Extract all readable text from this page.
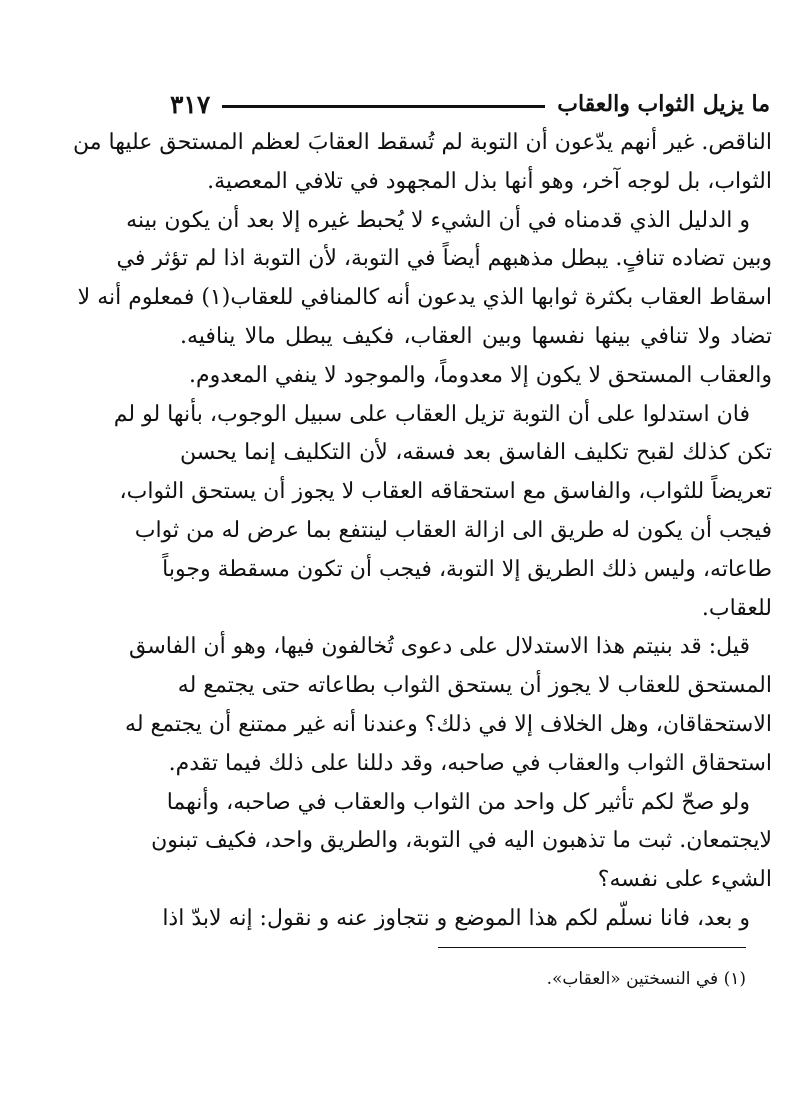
٣١٧	ما يزيل الثواب والعقاب
الناقص. غير أنهم يدّعون أن التوبة لم تُسقط العقابَ لعظم المستحق عليها من
الثواب، بل لوجه آخر، وهو أنها بذل المجهود في تلافي المعصية.
و الدليل الذي قدمناه في أن الشيء لا يُحبط غيره إلا بعد أن يكون بينه
وبين تضاده تنافٍ. يبطل مذهبهم أيضاً في التوبة، لأن التوبة اذا لم تؤثر في
اسقاط العقاب بكثرة ثوابها الذي يدعون أنه كالمنافي للعقاب(١) فمعلوم أنه لا
تضاد ولا تنافي بينها نفسها وبين العقاب، فكيف يبطل مالا ينافيه.
والعقاب المستحق لا يكون إلا معدوماً، والموجود لا ينفي المعدوم.
فان استدلوا على أن التوبة تزيل العقاب على سبيل الوجوب، بأنها لو لم
تكن كذلك لقبح تكليف الفاسق بعد فسقه، لأن التكليف إنما يحسن
تعريضاً للثواب، والفاسق مع استحقاقه العقاب لا يجوز أن يستحق الثواب،
فيجب أن يكون له طريق الى ازالة العقاب لينتفع بما عرض له من ثواب
طاعاته، وليس ذلك الطريق إلا التوبة، فيجب أن تكون مسقطة وجوباً
للعقاب.
قيل: قد بنيتم هذا الاستدلال على دعوى تُخالفون فيها، وهو أن الفاسق
المستحق للعقاب لا يجوز أن يستحق الثواب بطاعاته حتى يجتمع له
الاستحقاقان، وهل الخلاف إلا في ذلك؟ وعندنا أنه غير ممتنع أن يجتمع له
استحقاق الثواب والعقاب في صاحبه، وقد دللنا على ذلك فيما تقدم.
ولو صحّ لكم تأثير كل واحد من الثواب والعقاب في صاحبه، وأنهما
لايجتمعان. ثبت ما تذهبون اليه في التوبة، والطريق واحد، فكيف تبنون
الشيء على نفسه؟
و بعد، فانا نسلّم لكم هذا الموضع و نتجاوز عنه و نقول: إنه لابدّ اذا
(١) في النسختين «العقاب».
